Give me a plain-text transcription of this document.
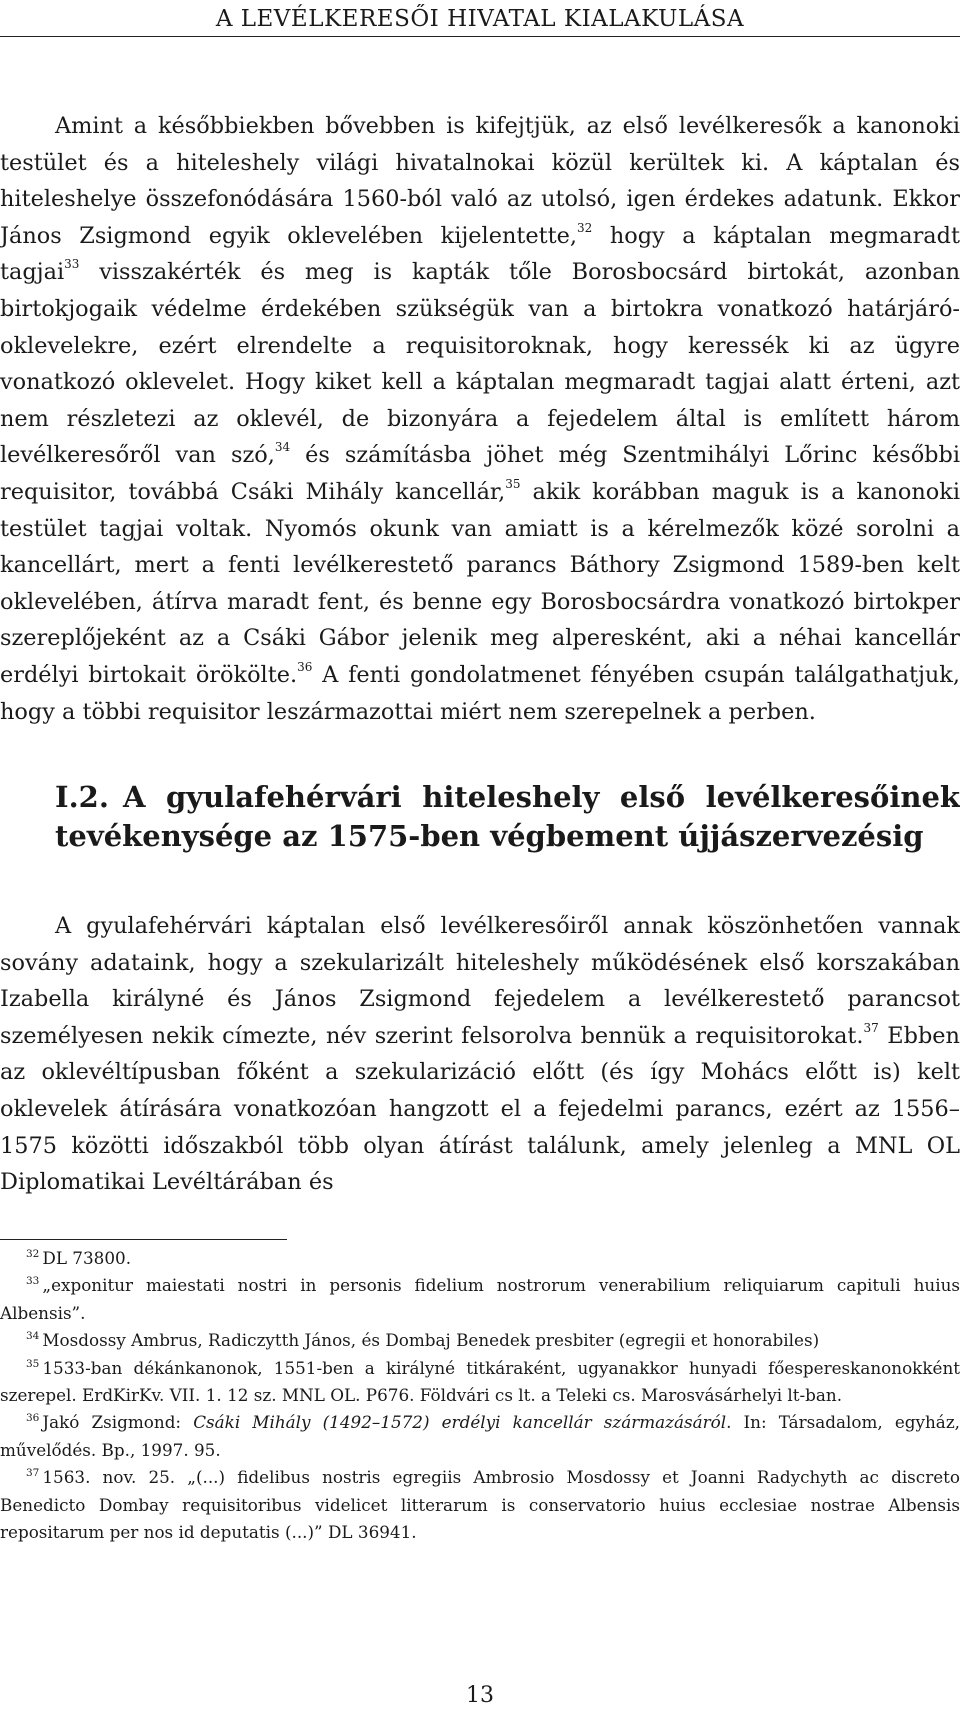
A LEVÉLKERESŐI HIVATAL KIALAKULÁSA

Amint a későbbiekben bővebben is kifejtjük, az első levélkeresők a kanonoki testület és a hiteleshely világi hivatalnokai közül kerültek ki. A káptalan és hiteleshelye összefonódására 1560-ból való az utolsó, igen érdekes adatunk. Ekkor János Zsigmond egyik oklevelében kijelentette,$^{32}$ hogy a káptalan megmaradt tagjai$^{33}$ visszakérték és meg is kapták tőle Borosbocsárd birtokát, azonban birtokjogaik védelme érdekében szükségük van a birtokra vonatkozó határjáró-oklevelekre, ezért elrendelte a requisitoroknak, hogy keressék ki az ügyre vonatkozó oklevelet. Hogy kiket kell a káptalan megmaradt tagjai alatt érteni, azt nem részletezi az oklevél, de bizonyára a fejedelem által is említett három levélkeresőről van szó,$^{34}$ és számításba jöhet még Szentmihályi Lőrinc későbbi requisitor, továbbá Csáki Mihály kancellár,$^{35}$ akik korábban maguk is a kanonoki testület tagjai voltak. Nyomós okunk van amiatt is a kérelmezők közé sorolni a kancellárt, mert a fenti levélkerestető parancs Báthory Zsigmond 1589-ben kelt oklevelében, átírva maradt fent, és benne egy Borosbocsárdra vonatkozó birtokper szereplőjeként az a Csáki Gábor jelenik meg alperesként, aki a néhai kancellár erdélyi birtokait örökölte.$^{36}$ A fenti gondolatmenet fényében csupán találgathatjuk, hogy a többi requisitor leszármazottai miért nem szerepelnek a perben.

I.2. A gyulafehérvári hiteleshely első levélkeresőinek tevékenysége az 1575-ben végbement újjászervezésig

A gyulafehérvári káptalan első levélkeresőiről annak köszönhetően vannak sovány adataink, hogy a szekularizált hiteleshely működésének első korszakában Izabella királyné és János Zsigmond fejedelem a levélkerestető parancsot személyesen nekik címezte, név szerint felsorolva bennük a requisitorokat.$^{37}$ Ebben az oklevéltípusban főként a szekularizáció előtt (és így Mohács előtt is) kelt oklevelek átírására vonatkozóan hangzott el a fejedelmi parancs, ezért az 1556–1575 közötti időszakból több olyan átírást találunk, amely jelenleg a MNL OL Diplomatikai Levéltárában és

$^{32}$ DL 73800.

$^{33}$ „exponitur maiestati nostri in personis fidelium nostrorum venerabilium reliquiarum capituli huius Albensis”.

$^{34}$ Mosdossy Ambrus, Radiczytth János, és Dombaj Benedek presbiter (egregii et honorabiles)

$^{35}$ 1533-ban dékánkanonok, 1551-ben a királyné titkáraként, ugyanakkor hunyadi főespereskanonokként szerepel. ErdKirKv. VII. 1. 12 sz. MNL OL. P676. Földvári cs lt. a Teleki cs. Marosvásárhelyi lt-ban.

$^{36}$ Jakó Zsigmond: Csáki Mihály (1492–1572) erdélyi kancellár származásáról. In: Társadalom, egyház, művelődés. Bp., 1997. 95.

$^{37}$ 1563. nov. 25. „(...) fidelibus nostris egregiis Ambrosio Mosdossy et Joanni Radychyth ac discreto Benedicto Dombay requisitoribus videlicet litterarum is conservatorio huius ecclesiae nostrae Albensis repositarum per nos id deputatis (...)” DL 36941.

13
